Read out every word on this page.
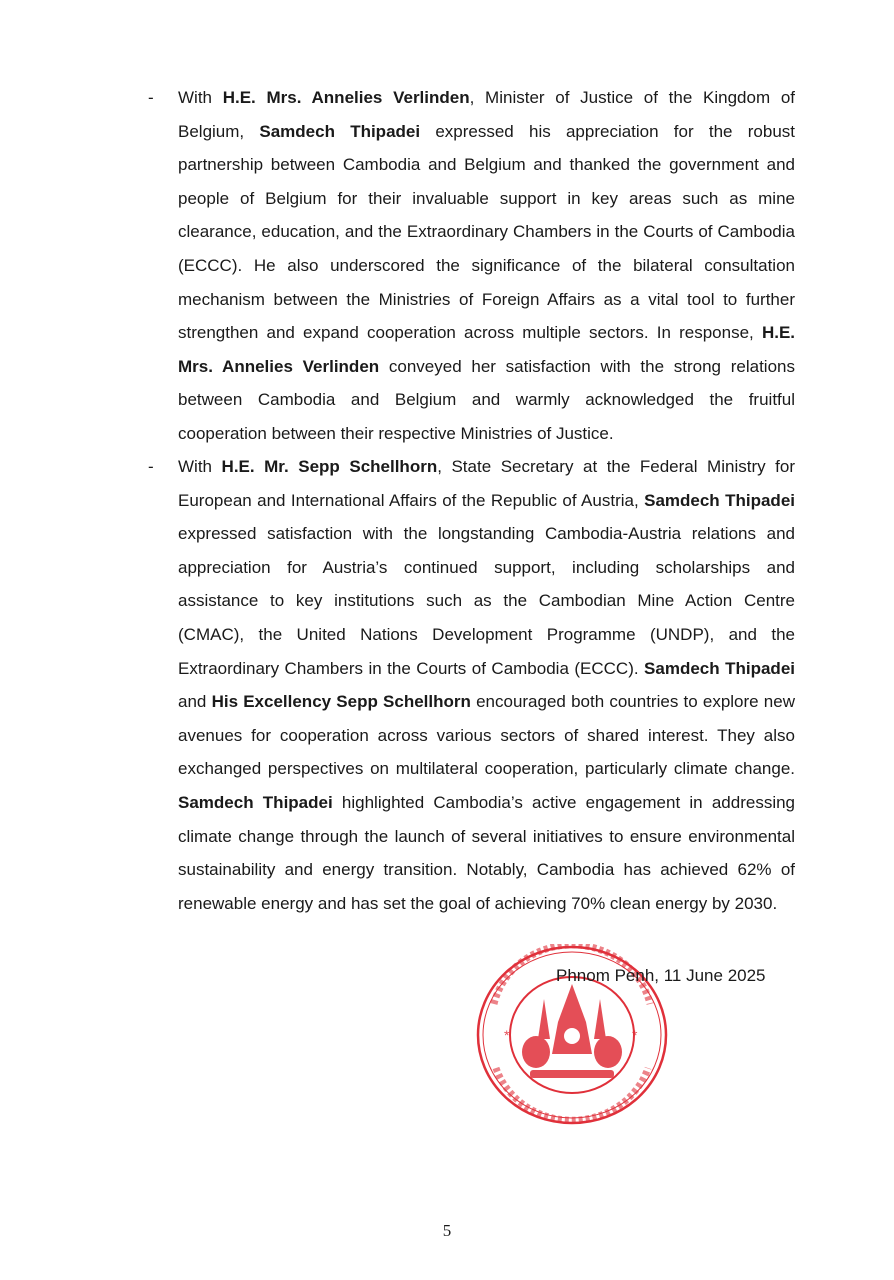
- With H.E. Mrs. Annelies Verlinden, Minister of Justice of the Kingdom of Belgium, Samdech Thipadei expressed his appreciation for the robust partnership between Cambodia and Belgium and thanked the government and people of Belgium for their invaluable support in key areas such as mine clearance, education, and the Extraordinary Chambers in the Courts of Cambodia (ECCC). He also underscored the significance of the bilateral consultation mechanism between the Ministries of Foreign Affairs as a vital tool to further strengthen and expand cooperation across multiple sectors. In response, H.E. Mrs. Annelies Verlinden conveyed her satisfaction with the strong relations between Cambodia and Belgium and warmly acknowledged the fruitful cooperation between their respective Ministries of Justice.
- With H.E. Mr. Sepp Schellhorn, State Secretary at the Federal Ministry for European and International Affairs of the Republic of Austria, Samdech Thipadei expressed satisfaction with the longstanding Cambodia-Austria relations and appreciation for Austria’s continued support, including scholarships and assistance to key institutions such as the Cambodian Mine Action Centre (CMAC), the United Nations Development Programme (UNDP), and the Extraordinary Chambers in the Courts of Cambodia (ECCC). Samdech Thipadei and His Excellency Sepp Schellhorn encouraged both countries to explore new avenues for cooperation across various sectors of shared interest. They also exchanged perspectives on multilateral cooperation, particularly climate change. Samdech Thipadei highlighted Cambodia’s active engagement in addressing climate change through the launch of several initiatives to ensure environmental sustainability and energy transition. Notably, Cambodia has achieved 62% of renewable energy and has set the goal of achieving 70% clean energy by 2030.
*	*
Phnom Penh, 11 June 2025
5
